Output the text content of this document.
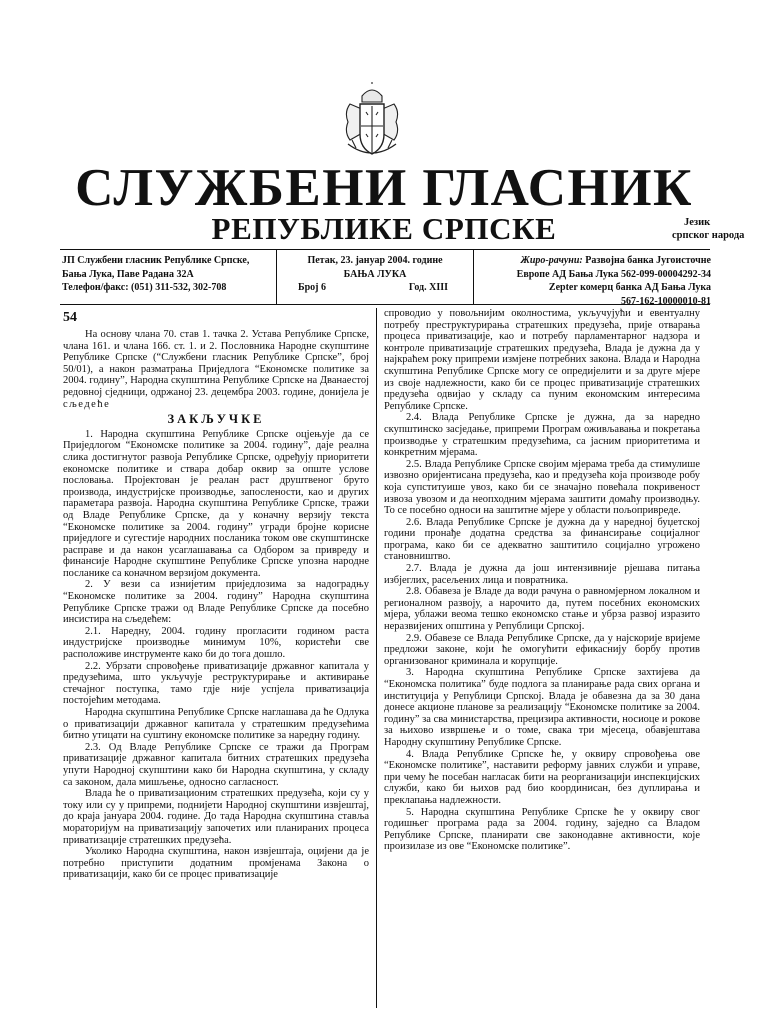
СЛУЖБЕНИ ГЛАСНИК
РЕПУБЛИКЕ СРПСКЕ	Језик
српског народа
ЈП Службени гласник Републике Српске,
Бања Лука, Паве Радана 32А
Телефон/факс: (051) 311-532, 302-708
Петак, 23. јануар 2004. године
БАЊА ЛУКА
Број 6	Год. XIII
Жиро-рачуни: Развојна банка Југоисточне
Европе АД Бања Лука 562-099-00004292-34
Zepter комерц банка АД Бања Лука
567-162-10000010-81
54

На основу члана 70. став 1. тачка 2. Устава Републике Српске, члана 161. и члана 166. ст. 1. и 2. Пословника Народне скупштине Републике Српске (“Службени гласник Републике Српске”, број 50/01), а након разматрања Приједлога “Економске политике за 2004. годину”, Народна скупштина Републике Српске на Дванаестој редовној сједници, одржаној 23. децембра 2003. године, донијела је сљедеће

ЗАКЉУЧКЕ

1. Народна скупштина Републике Српске оцјењује да се Приједлогом “Економске политике за 2004. годину”, даје реална слика достигнутог развоја Републике Српске, одређују приоритети економске политике и ствара добар оквир за опште услове пословања. Пројектован је реалан раст друштвеног бруто производа, индустријске производње, запослености, као и других параметара развоја. Народна скупштина Републике Српске, тражи од Владе Републике Српске, да у коначну верзију текста “Економске политике за 2004. годину” угради бројне кориснe приједлоге и сугестије народних посланика током ове скупштинске расправе и да након усаглашавања са Одбором за привреду и финансије Народне скупштине Републике Српске упозна народне посланике са коначном верзијом документа.

2. У вези са изнијетим приједлозима за надоградњу “Економске политике за 2004. годину” Народна скупштина Републике Српске тражи од Владе Републике Српске да посебно инсистира на сљедећем:

2.1. Наредну, 2004. годину прогласити годином раста индустријске производње минимум 10%, користећи све расположиве инструменте како би до тога дошло.

2.2. Убрзати спровођење приватизације државног капитала у предузећима, што укључује реструктурирање и активирање стечајног поступка, тамо гдје није успјела приватизација постојећим методама.

Народна скупштина Републике Српске наглашава да ће Одлука о приватизацији државног капитала у стратешким предузећима битно утицати на суштину економске политике за наредну годину.

2.3. Од Владе Републике Српске се тражи да Програм приватизације државног капитала битних стратешких предузећа упути Народној скупштини како би Народна скупштина, у складу са законом, дала мишљење, односно сагласност.

Влада ће о приватизационим стратешких предузећа, који су у току или су у припреми, поднијети Народној скупштини извјештај, до краја јануара 2004. године. До тада Народна скупштина ставља мораторијум на приватизацију започетих или планираних процеса приватизације стратешких предузећа.

Уколико Народна скупштина, након извјештаја, оцијени да је потребно приступити додатним промјенама Закона о приватизацији, како би се процес приватизације

спроводио у повољнијим околностима, укључујући и евентуалну потребу преструктурирања стратешких предузећа, прије отварања процеса приватизације, као и потребу парламентарног надзора и контроле приватизације стратешких предузећа, Влада је дужна да у најкраћем року припреми измјене потребних закона. Влада и Народна скупштина Републике Српске могу се опредијелити и за друге мјере из своје надлежности, како би се процес приватизације стратешких предузећа одвијао у складу са пуним економским интересима Републике Српске.

2.4. Влада Републике Српске је дужна, да за наредно скупштинско засједање, припреми Програм оживљавања и покретања производње у стратешким предузећима, са јасним приоритетима и конкретним мјерама.

2.5. Влада Републике Српске својим мјерама треба да стимулише извозно оријентисана предузећа, као и предузећа која производе робу која супституише увоз, како би се значајно повећала покривеност извоза увозом и да неопходним мјерама заштити домаћу производњу. То се посебно односи на заштитне мјере у области пољопривреде.

2.6. Влада Републике Српске је дужна да у наредној буџетској години пронађе додатна средства за финансирање социјалног програма, како би се адекватно заштитило социјално угрожено становништво.

2.7. Влада је дужна да још интензивније рјешава питања избјеглих, расељених лица и повратника.

2.8. Обавеза је Владе да води рачуна о равномјерном локалном и регионалном развоју, а нарочито да, путем посебних економских мјера, ублажи веома тешко економско стање и убрза развој изразито неразвијених општина у Републици Српској.

2.9. Обавезе се Влада Републике Српске, да у најскорије вријеме предложи законе, који ће омогућити ефикаснију борбу против организованог криминала и корупције.

3. Народна скупштина Републике Српске захтијева да “Економска политика” буде подлога за планирање рада свих органа и институција у Републици Српској. Влада је обавезна да за 30 дана донесе акционе планове за реализацију “Економске политике за 2004. годину” за сва министарства, прецизира активности, носиоце и рокове за њихово извршење и о томе, свака три мјесеца, обавјештава Народну скупштину Републике Српске.

4. Влада Републике Српске ће, у оквиру спровођења ове “Економске политике”, наставити реформу јавних служби и управе, при чему ће посебан нагласак бити на реорганизацији инспекцијских служби, како би њихов рад био координисан, без дуплирања и преклапања надлежности.

5. Народна скупштина Републике Српске ће у оквиру свог годишњег програма рада за 2004. годину, заједно са Владом Републике Српске, планирати све законодавне активности, које произилазе из ове “Економске политике”.
